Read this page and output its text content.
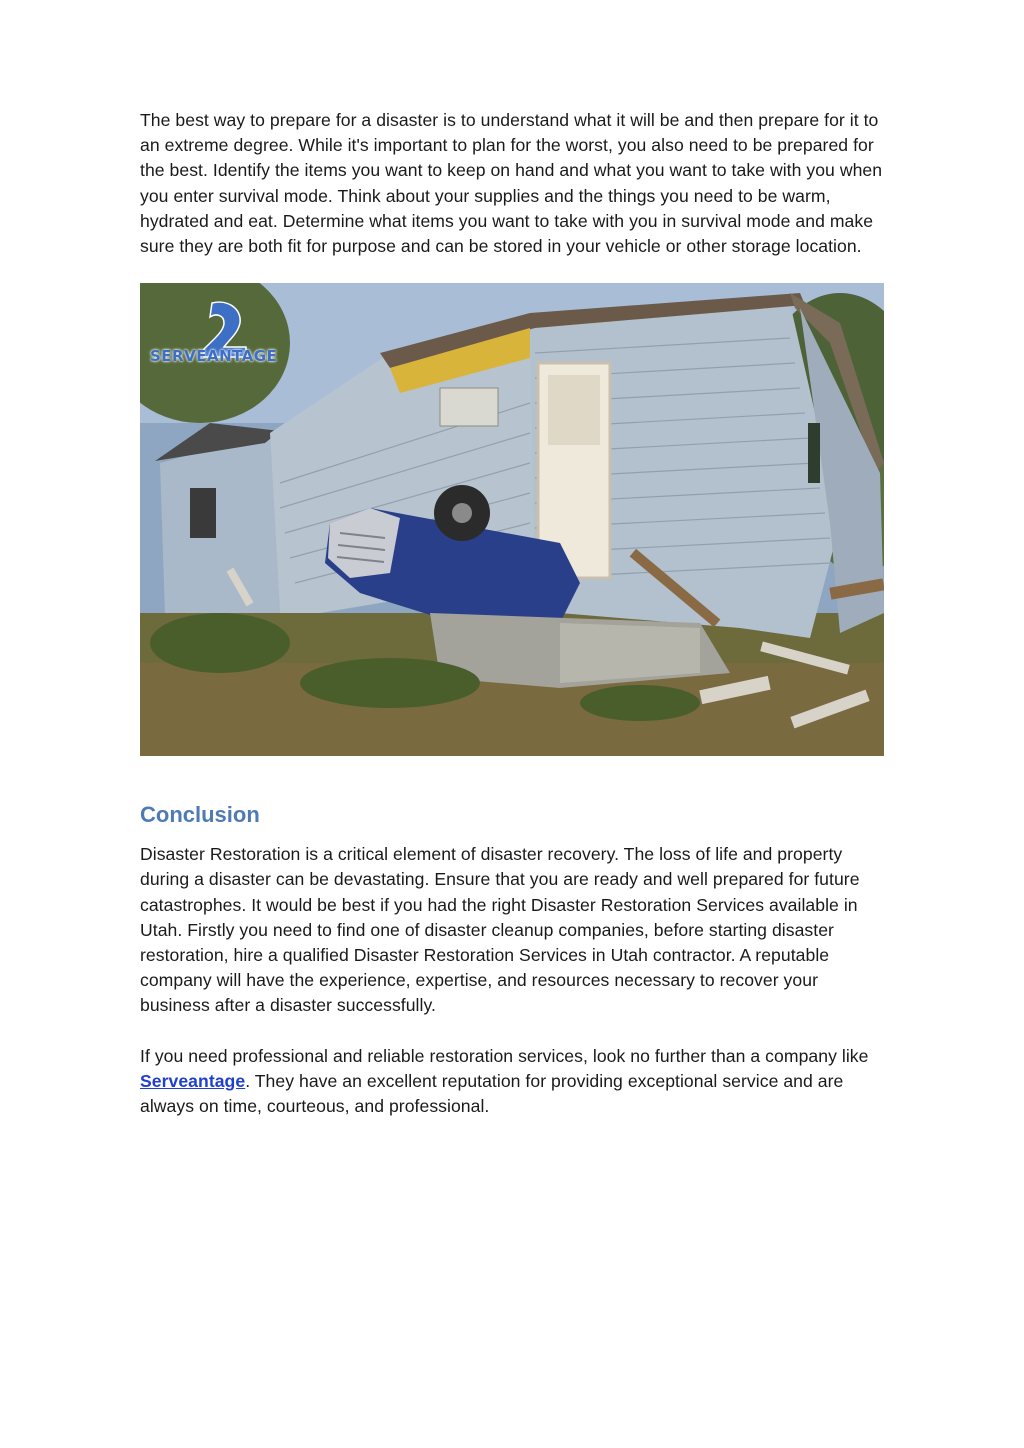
The best way to prepare for a disaster is to understand what it will be and then prepare for it to an extreme degree. While it's important to plan for the worst, you also need to be prepared for the best. Identify the items you want to keep on hand and what you want to take with you when you enter survival mode. Think about your supplies and the things you need to be warm, hydrated and eat. Determine what items you want to take with you in survival mode and make sure they are both fit for purpose and can be stored in your vehicle or other storage location.

SERVEANTAGE
Conclusion

Disaster Restoration is a critical element of disaster recovery. The loss of life and property during a disaster can be devastating. Ensure that you are ready and well prepared for future catastrophes. It would be best if you had the right Disaster Restoration Services available in Utah. Firstly you need to find one of disaster cleanup companies, before starting disaster restoration, hire a qualified Disaster Restoration Services in Utah contractor. A reputable company will have the experience, expertise, and resources necessary to recover your business after a disaster successfully.

If you need professional and reliable restoration services, look no further than a company like Serveantage. They have an excellent reputation for providing exceptional service and are always on time, courteous, and professional.
